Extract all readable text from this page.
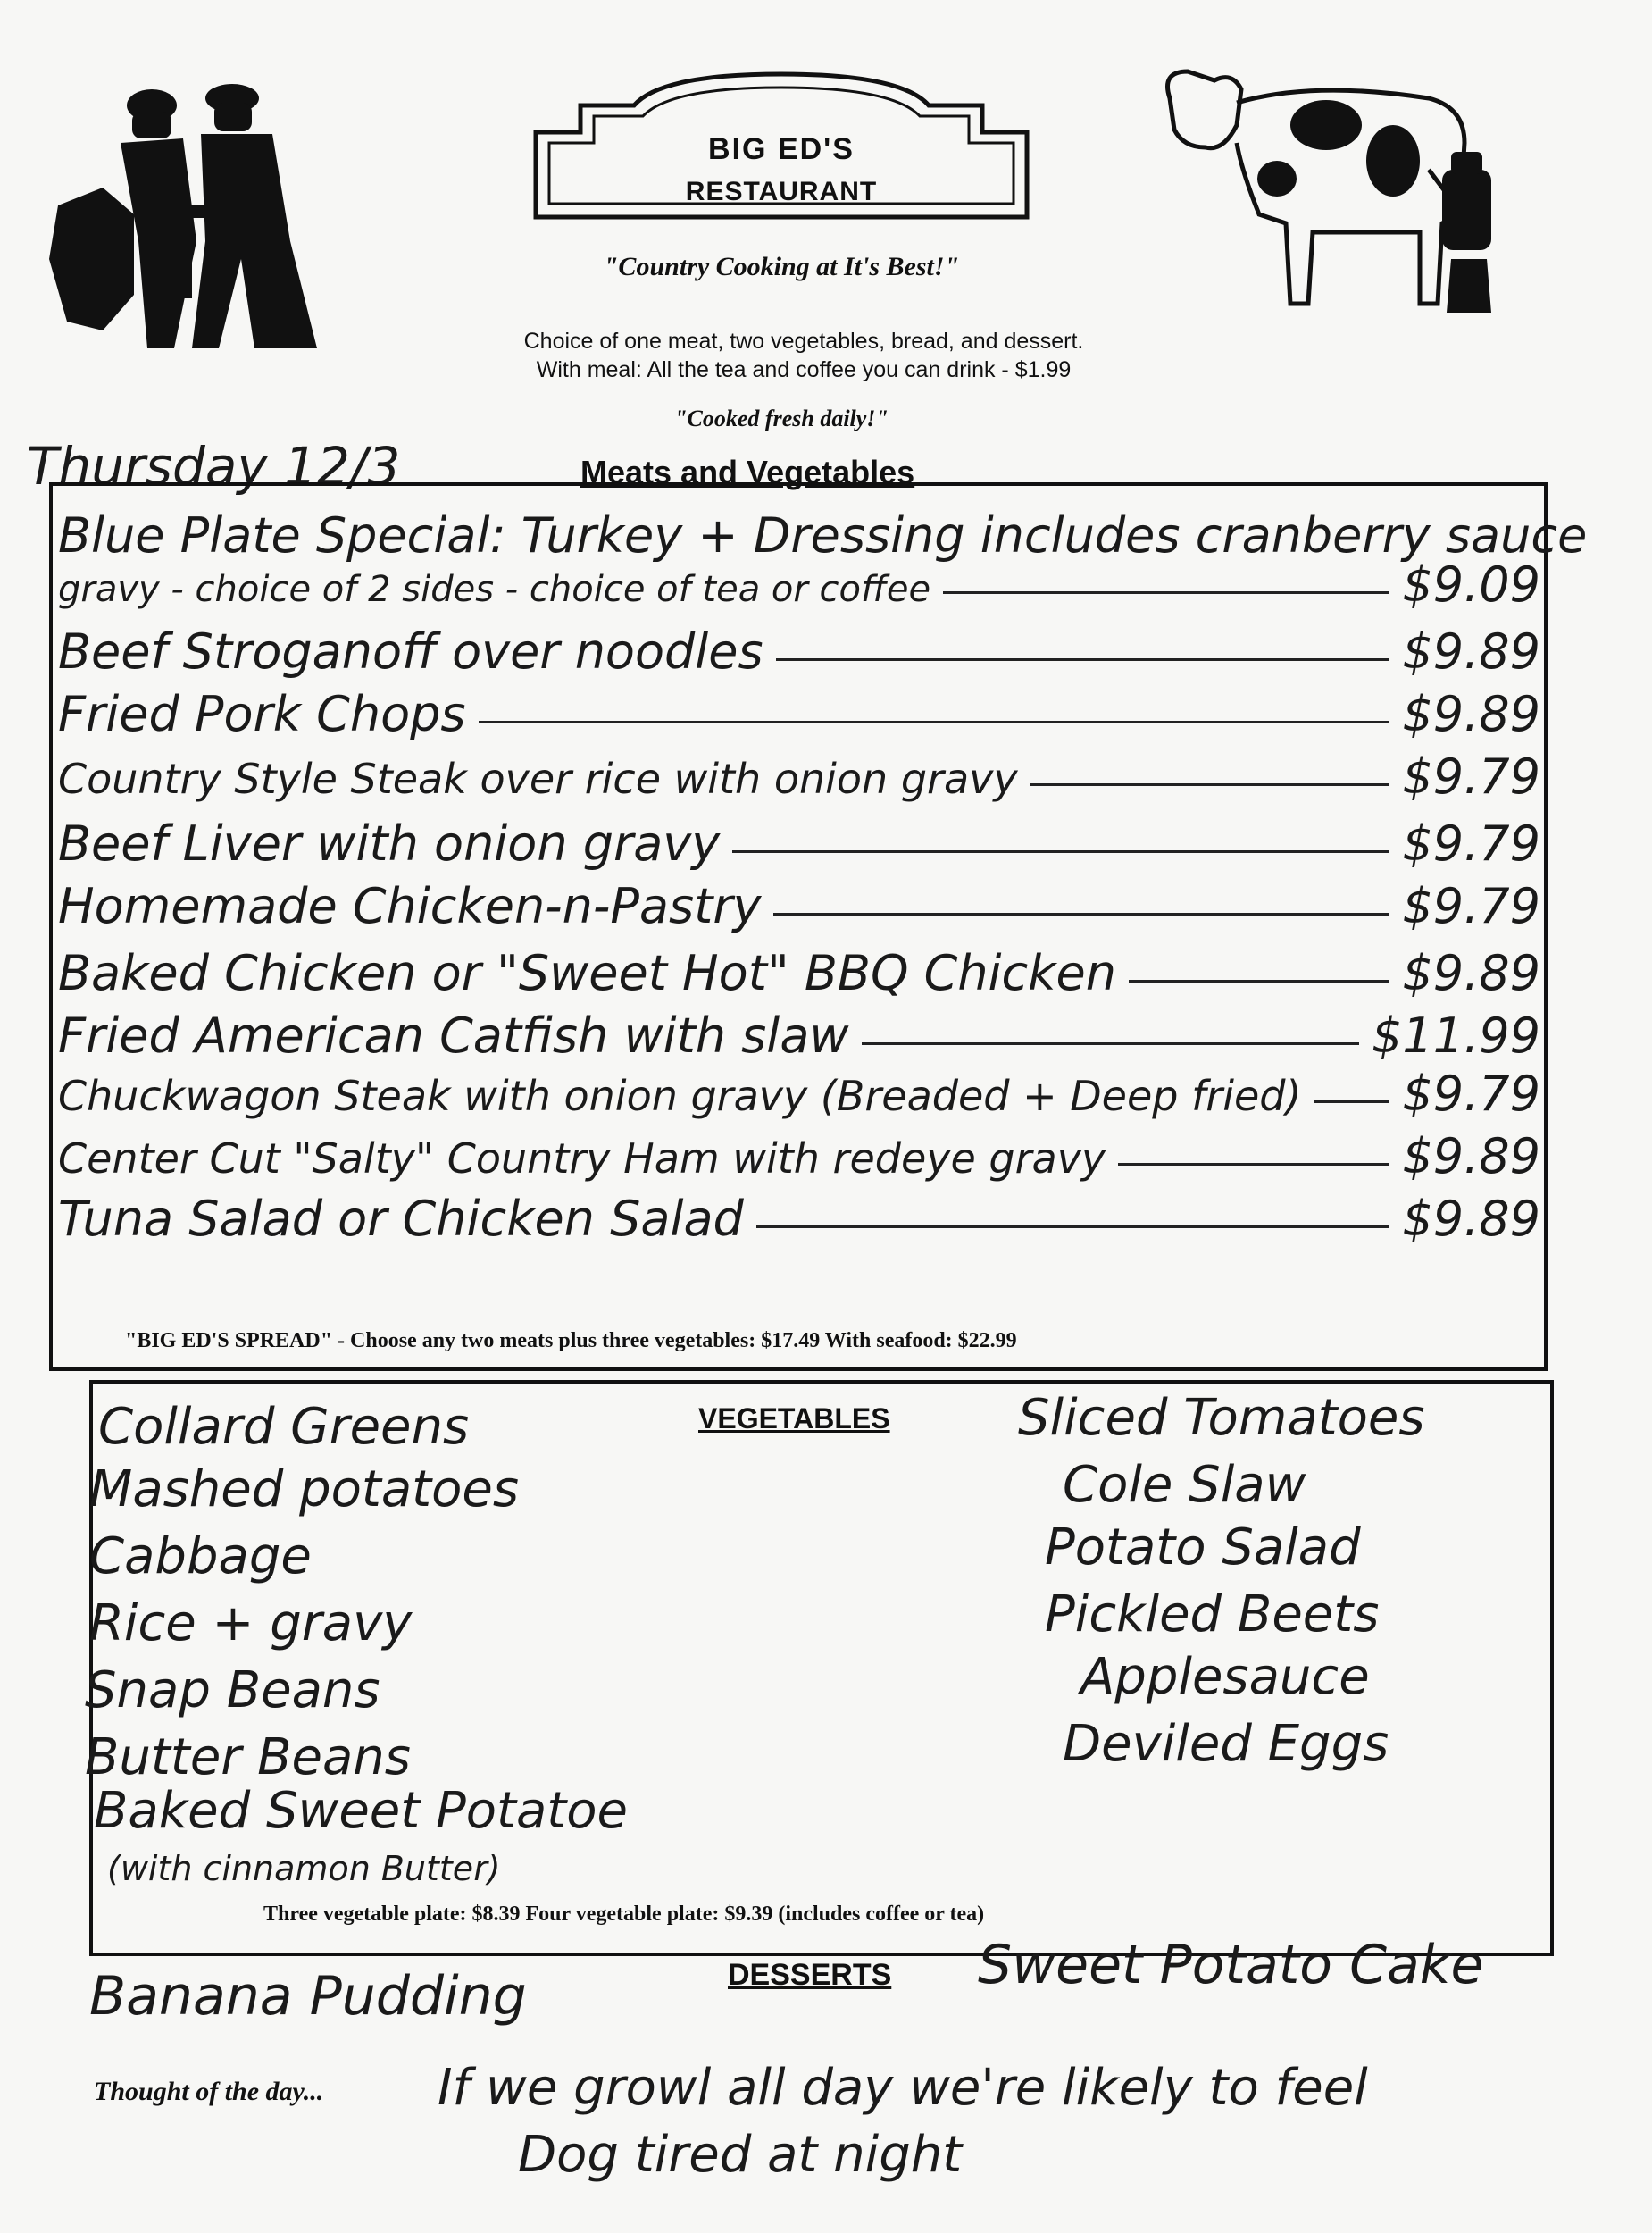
BIG ED'S
RESTAURANT
"Country Cooking at It's Best!"
Choice of one meat, two vegetables, bread, and dessert.
With meal: All the tea and coffee you can drink - $1.99
"Cooked fresh daily!"
Thursday 12/3	Meats and Vegetables
Blue Plate Special: Turkey + Dressing includes cranberry sauce
gravy - choice of 2 sides - choice of tea or coffee	$9.09
Beef Stroganoff over noodles	$9.89
Fried Pork Chops	$9.89
Country Style Steak over rice with onion gravy	$9.79
Beef Liver with onion gravy	$9.79
Homemade Chicken-n-Pastry	$9.79
Baked Chicken or "Sweet Hot" BBQ Chicken	$9.89
Fried American Catfish with slaw	$11.99
Chuckwagon Steak with onion gravy (Breaded + Deep fried) $9.79
Center Cut "Salty" Country Ham with redeye gravy	$9.89
Tuna Salad or Chicken Salad	$9.89
"BIG ED'S SPREAD" - Choose any two meats plus three vegetables: $17.49 With seafood: $22.99
VEGETABLES
Collard Greens
Mashed potatoes
Cabbage
Rice + gravy
Snap Beans
Butter Beans
Baked Sweet Potatoe
(with cinnamon Butter)
Sliced Tomatoes
Cole Slaw
Potato Salad
Pickled Beets
Applesauce
Deviled Eggs
Three vegetable plate: $8.39 Four vegetable plate: $9.39 (includes coffee or tea)
DESSERTS
Banana Pudding	Sweet Potato Cake
Thought of the day... If we growl all day we're likely to feel
Dog tired at night
